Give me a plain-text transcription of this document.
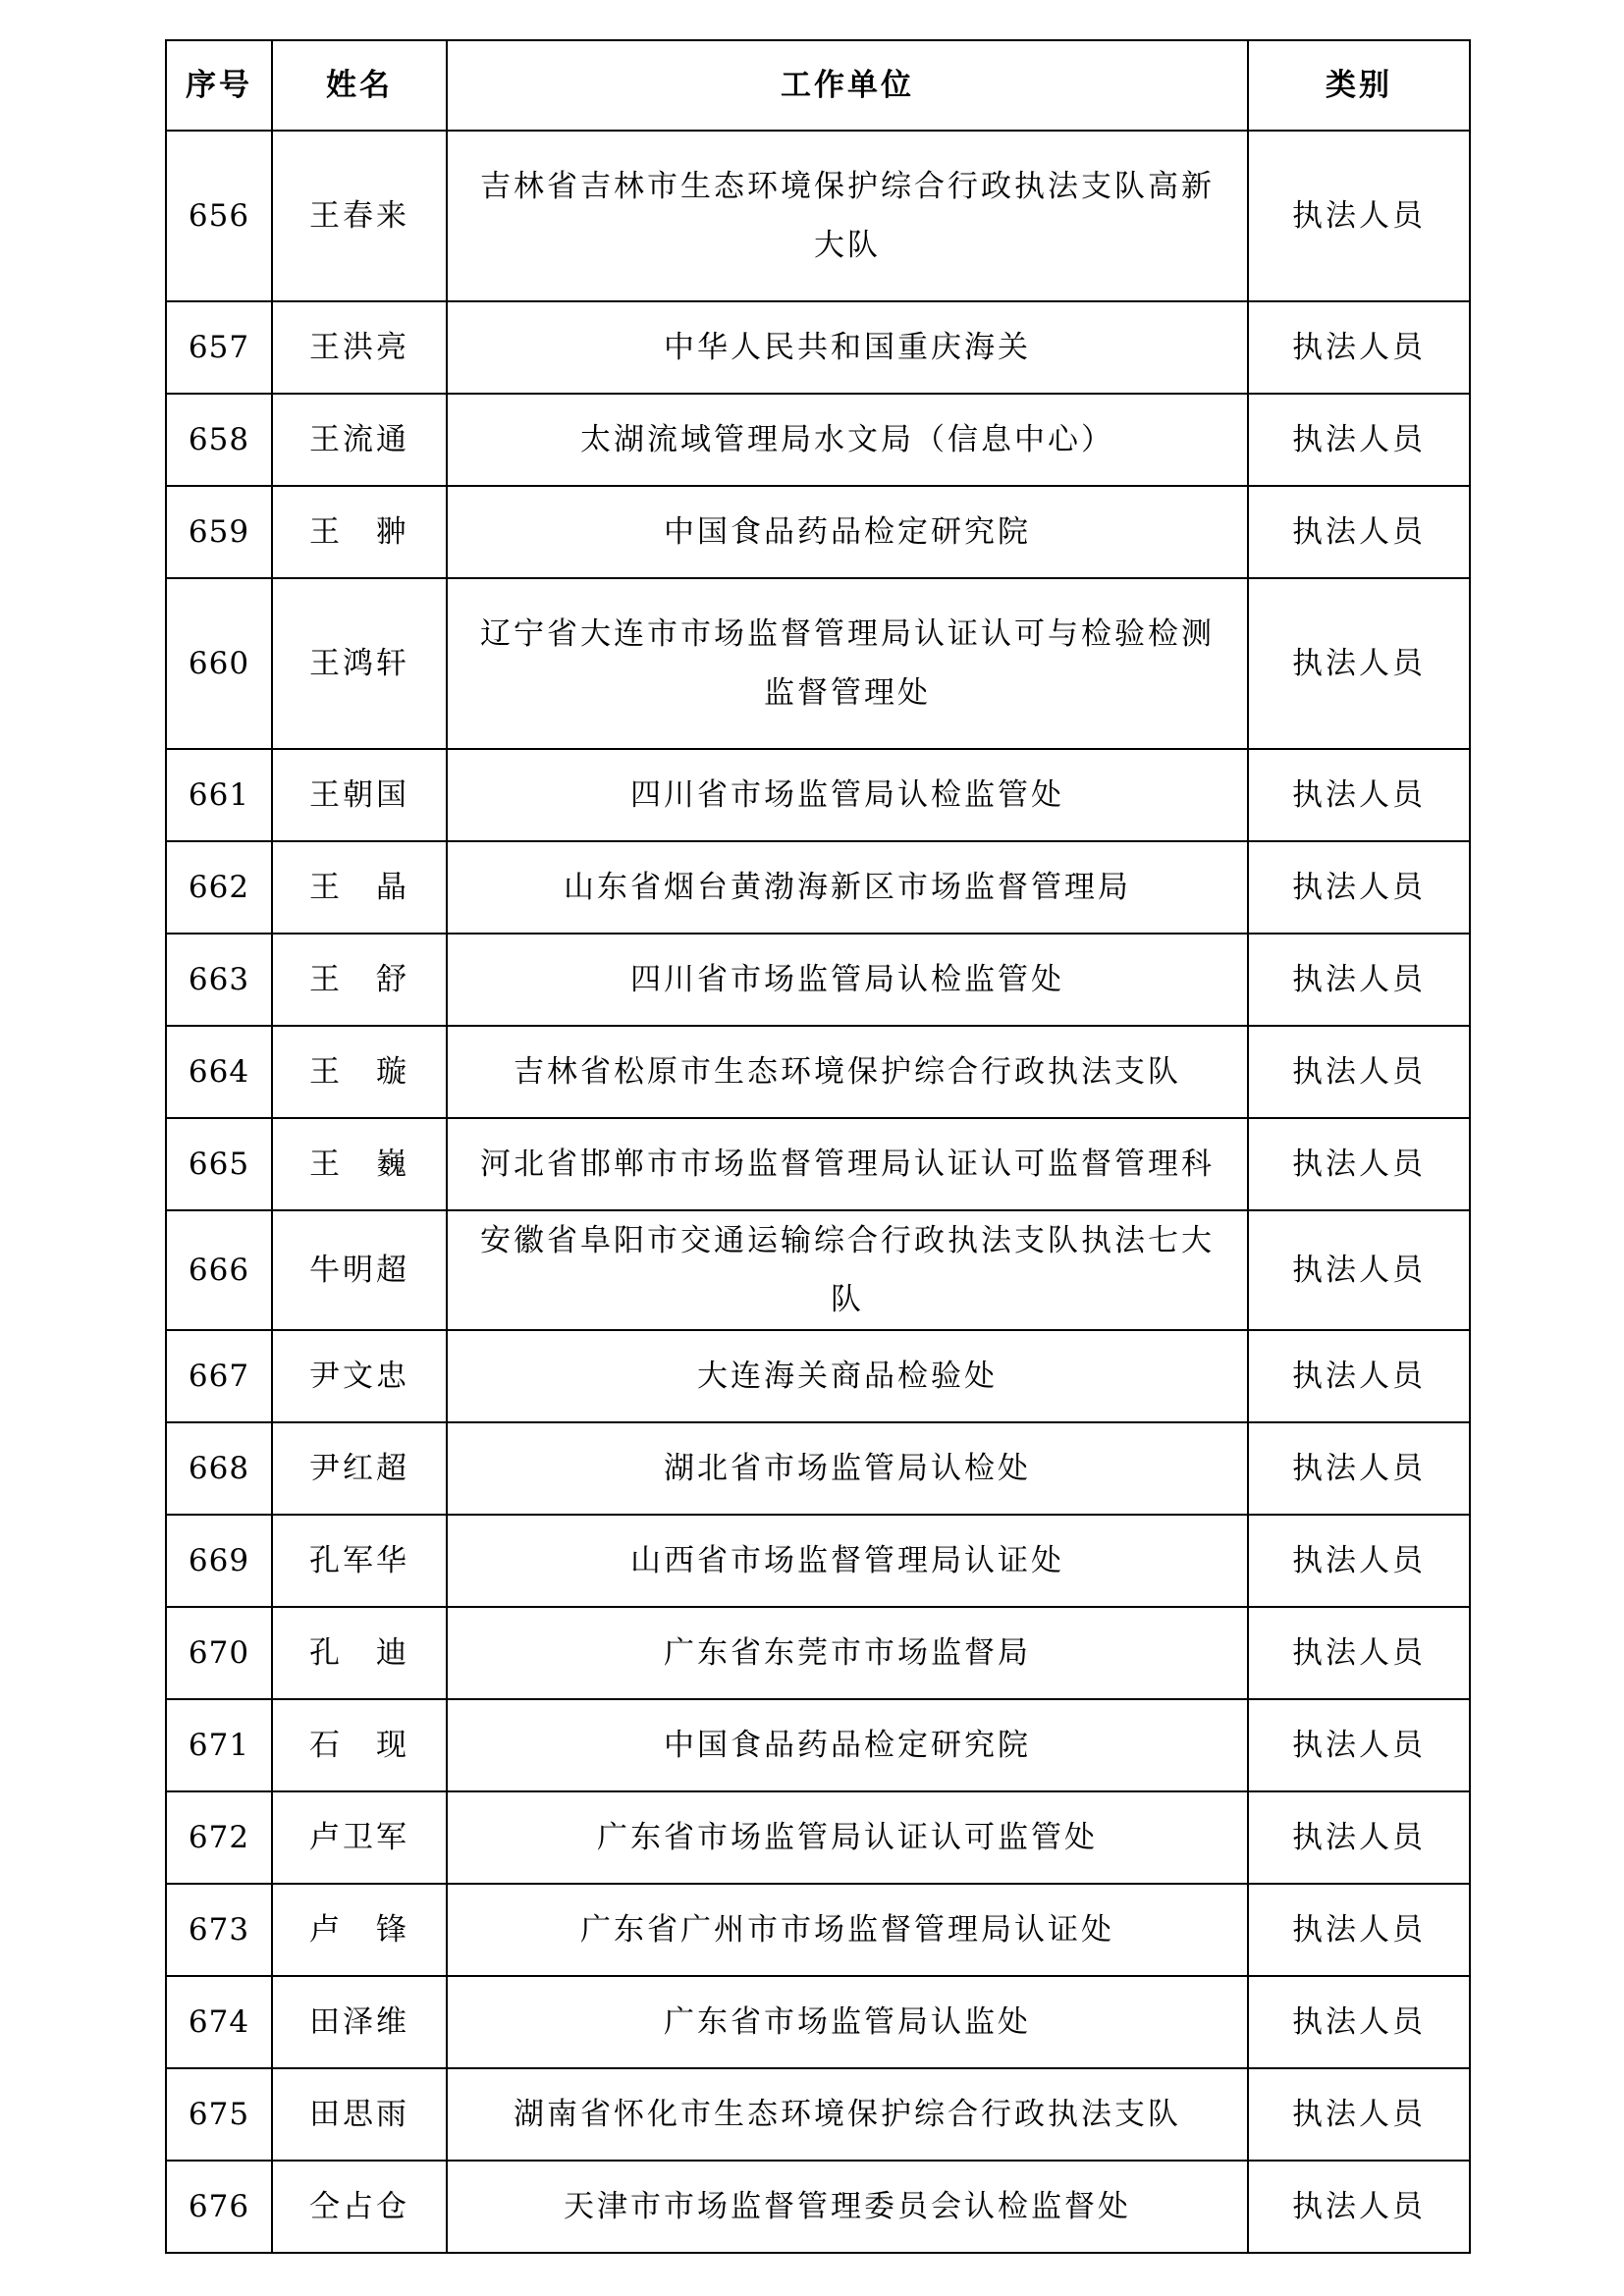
序号	姓名	工作单位	类别
656	王春来	吉林省吉林市生态环境保护综合行政执法支队高新大队	执法人员
657	王洪亮	中华人民共和国重庆海关	执法人员
658	王流通	太湖流域管理局水文局（信息中心）	执法人员
659	王　翀	中国食品药品检定研究院	执法人员
660	王鸿轩	辽宁省大连市市场监督管理局认证认可与检验检测监督管理处	执法人员
661	王朝国	四川省市场监管局认检监管处	执法人员
662	王　晶	山东省烟台黄渤海新区市场监督管理局	执法人员
663	王　舒	四川省市场监管局认检监管处	执法人员
664	王　璇	吉林省松原市生态环境保护综合行政执法支队	执法人员
665	王　巍	河北省邯郸市市场监督管理局认证认可监督管理科	执法人员
666	牛明超	安徽省阜阳市交通运输综合行政执法支队执法七大队	执法人员
667	尹文忠	大连海关商品检验处	执法人员
668	尹红超	湖北省市场监管局认检处	执法人员
669	孔军华	山西省市场监督管理局认证处	执法人员
670	孔　迪	广东省东莞市市场监督局	执法人员
671	石　现	中国食品药品检定研究院	执法人员
672	卢卫军	广东省市场监管局认证认可监管处	执法人员
673	卢　锋	广东省广州市市场监督管理局认证处	执法人员
674	田泽维	广东省市场监管局认监处	执法人员
675	田思雨	湖南省怀化市生态环境保护综合行政执法支队	执法人员
676	仝占仓	天津市市场监督管理委员会认检监督处	执法人员
